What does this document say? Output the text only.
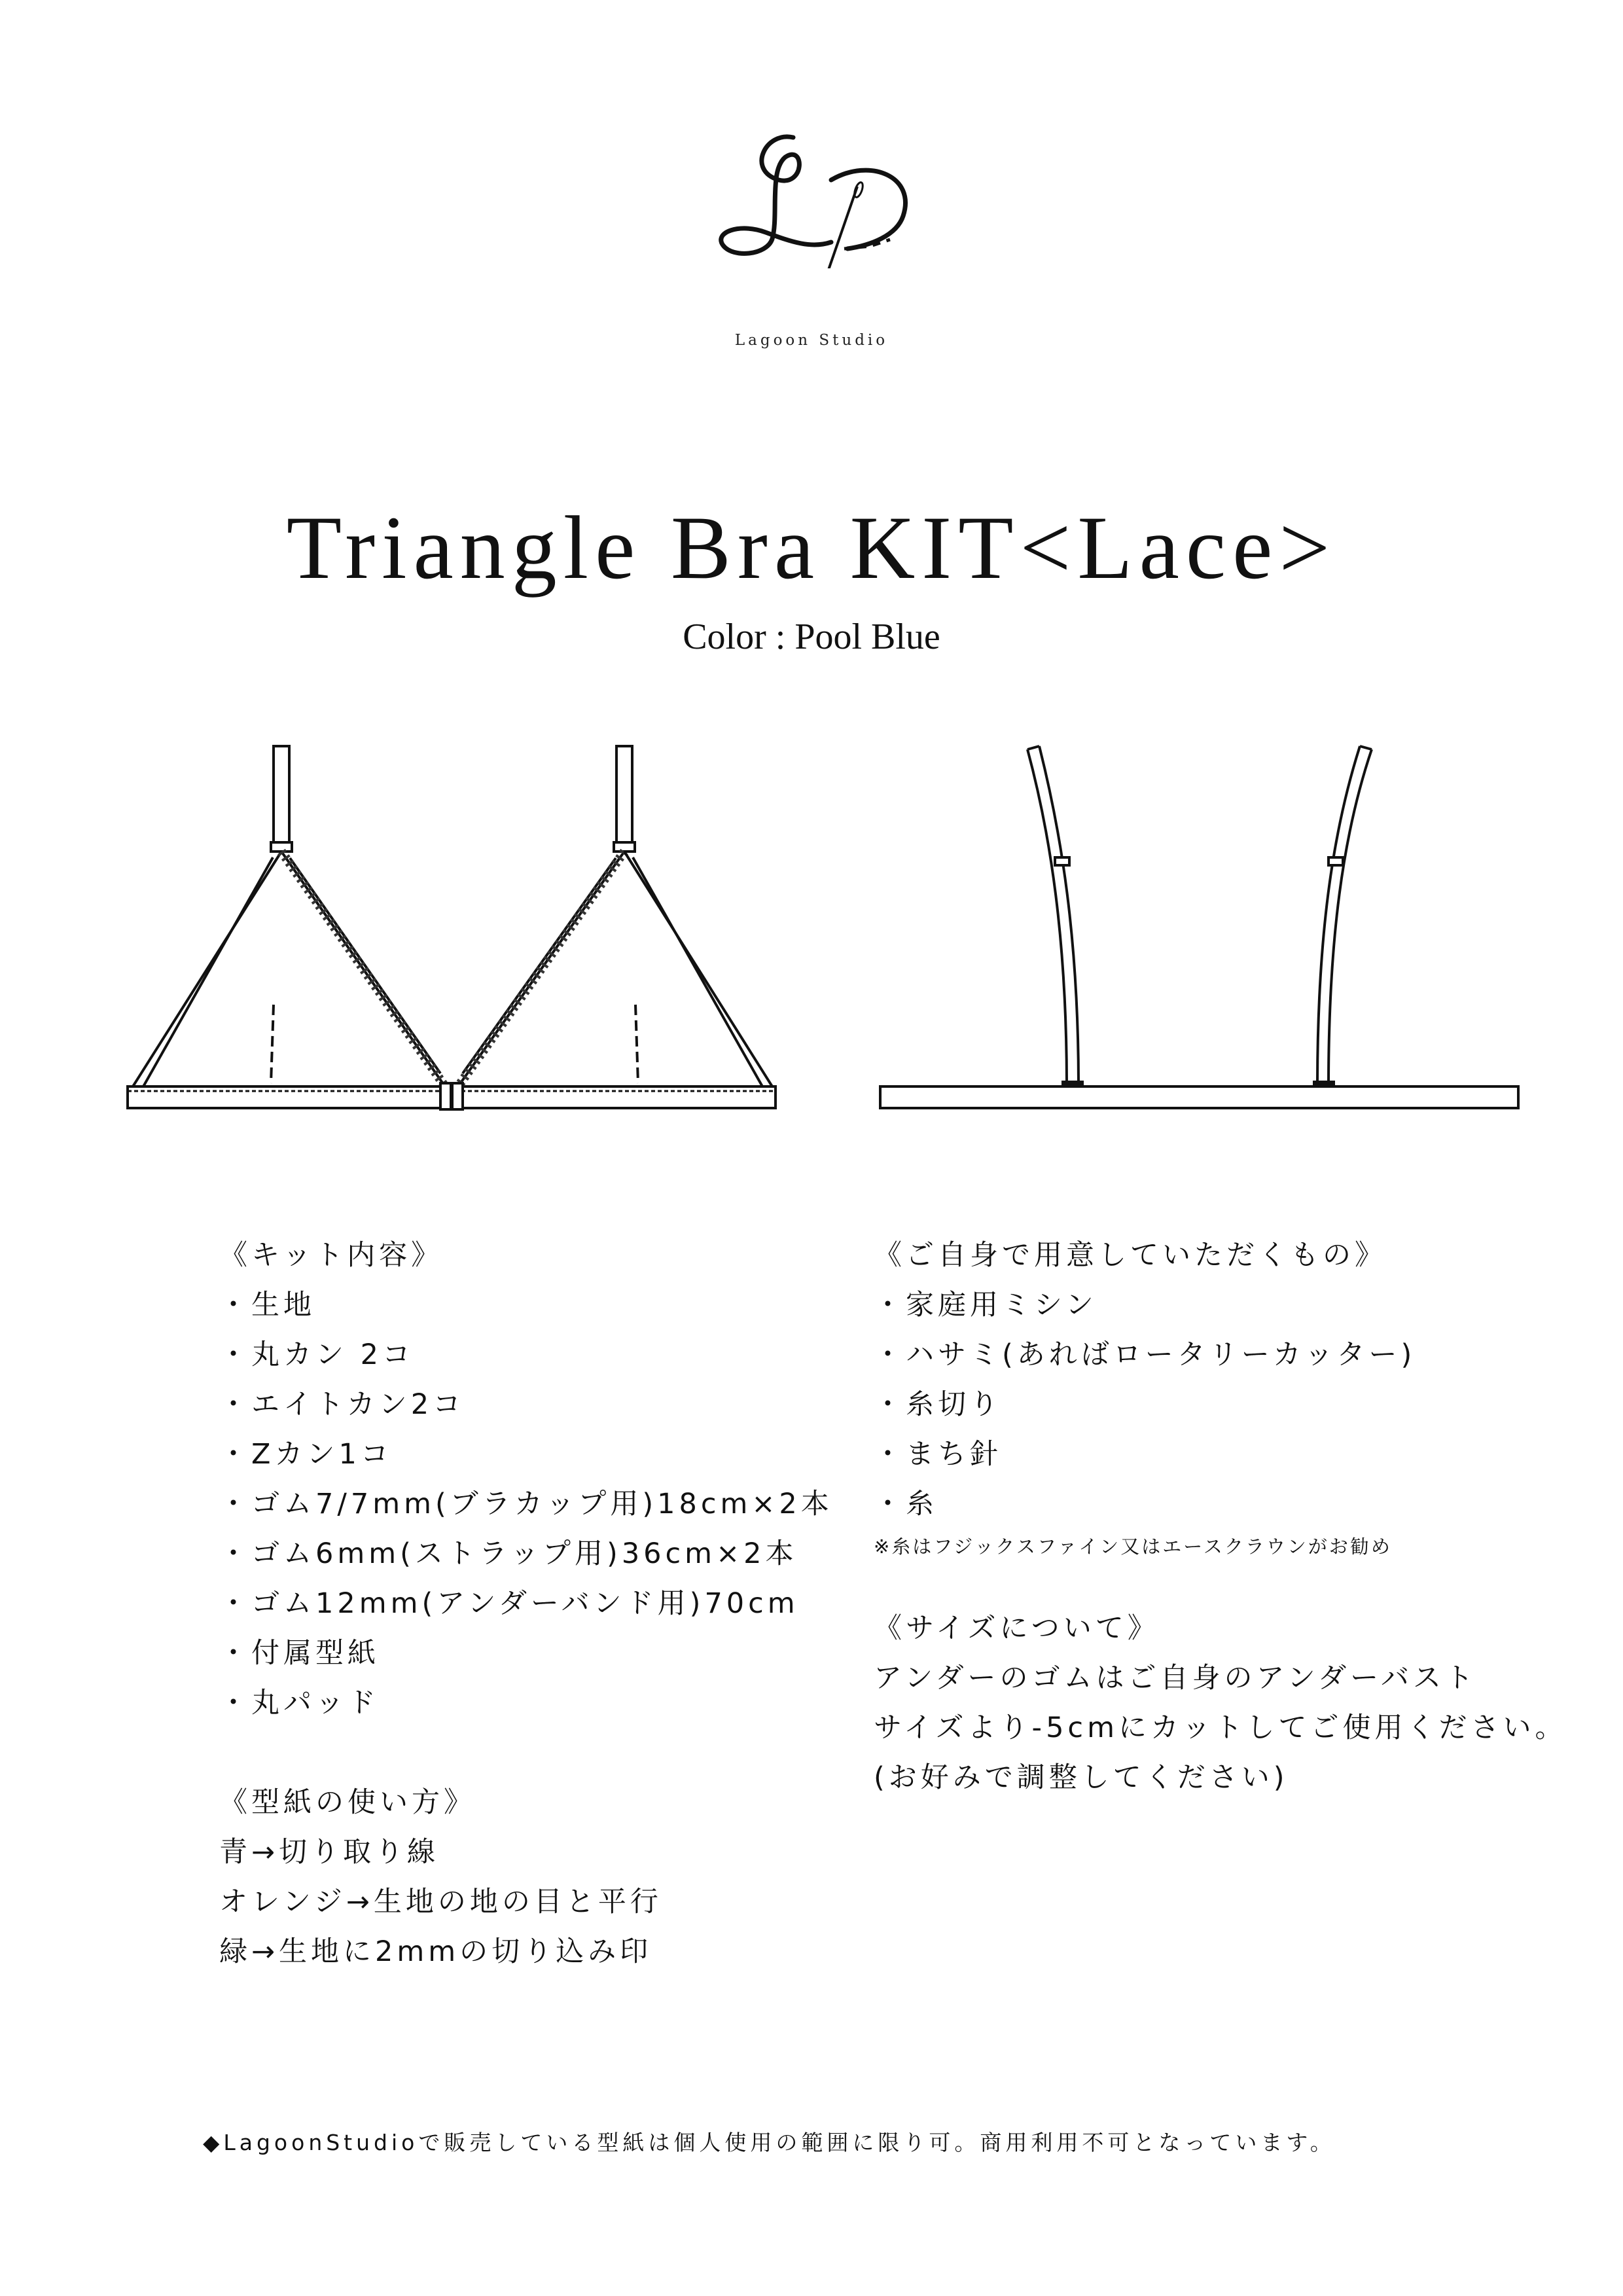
Lagoon Studio
Triangle Bra KIT<Lace>
Color : Pool Blue
《キット内容》
・生地
・丸カン 2コ
・エイトカン2コ
・Zカン1コ
・ゴム7/7mm(ブラカップ用)18cm×2本
・ゴム6mm(ストラップ用)36cm×2本
・ゴム12mm(アンダーバンド用)70cm
・付属型紙
・丸パッド
《型紙の使い方》
青→切り取り線
オレンジ→生地の地の目と平行
緑→生地に2mmの切り込み印
《ご自身で用意していただくもの》
・家庭用ミシン
・ハサミ(あればロータリーカッター)
・糸切り
・まち針
・糸
※糸はフジックスファイン又はエースクラウンがお勧め
《サイズについて》
アンダーのゴムはご自身のアンダーバスト
サイズより-5cmにカットしてご使用ください。
(お好みで調整してください)
◆LagoonStudioで販売している型紙は個人使用の範囲に限り可。商用利用不可となっています。
